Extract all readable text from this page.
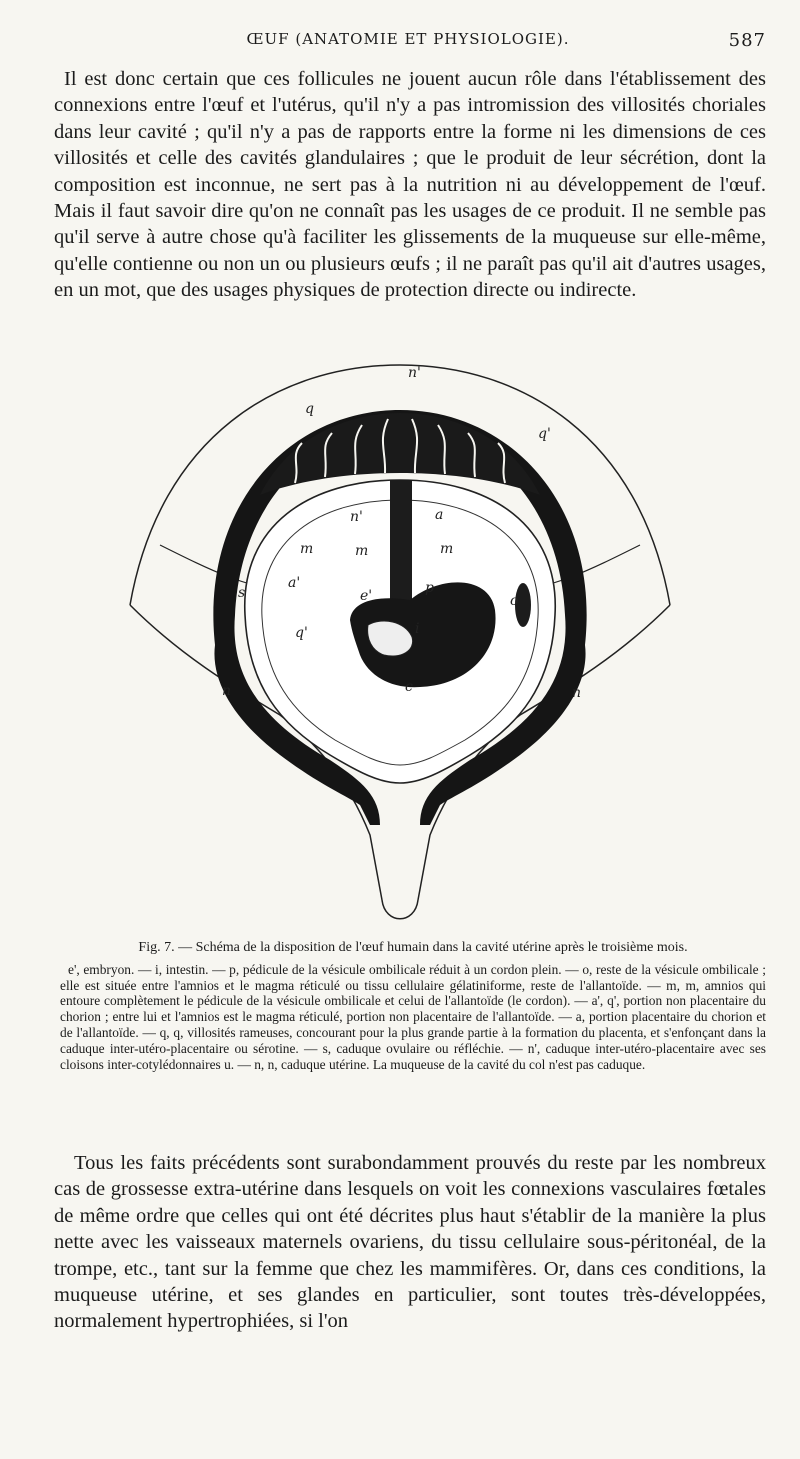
ŒUF (ANATOMIE ET PHYSIOLOGIE).	587
Il est donc certain que ces follicules ne jouent aucun rôle dans l'établissement des connexions entre l'œuf et l'utérus, qu'il n'y a pas intromission des villosités choriales dans leur cavité ; qu'il n'y a pas de rapports entre la forme ni les dimensions de ces villosités et celle des cavités glandulaires ; que le produit de leur sécrétion, dont la composition est inconnue, ne sert pas à la nutrition ni au développement de l'œuf. Mais il faut savoir dire qu'on ne connaît pas les usages de ce produit. Il ne semble pas qu'il serve à autre chose qu'à faciliter les glissements de la muqueuse sur elle-même, qu'elle contienne ou non un ou plusieurs œufs ; il ne paraît pas qu'il ait d'autres usages, en un mot, que des usages physiques de protection directe ou indirecte.
n'
q
q'
n'	a
m	m	m
a'
s	e'	p
i
o
q'
c
n	n
Fig. 7. — Schéma de la disposition de l'œuf humain dans la cavité utérine après le troisième mois.
e', embryon. — i, intestin. — p, pédicule de la vésicule ombilicale réduit à un cordon plein. — o, reste de la vésicule ombilicale ; elle est située entre l'amnios et le magma réticulé ou tissu cellulaire gélatiniforme, reste de l'allantoïde. — m, m, amnios qui entoure complètement le pédicule de la vésicule ombilicale et celui de l'allantoïde (le cordon). — a', q', portion non placentaire du chorion ; entre lui et l'amnios est le magma réticulé, portion non placentaire de l'allantoïde. — a, portion placentaire du chorion et de l'allantoïde. — q, q, villosités rameuses, concourant pour la plus grande partie à la formation du placenta, et s'enfonçant dans la caduque inter-utéro-placentaire ou sérotine. — s, caduque ovulaire ou réfléchie. — n', caduque inter-utéro-placentaire avec ses cloisons inter-cotylédonnaires u. — n, n, caduque utérine. La muqueuse de la cavité du col n'est pas caduque.
Tous les faits précédents sont surabondamment prouvés du reste par les nombreux cas de grossesse extra-utérine dans lesquels on voit les connexions vasculaires fœtales de même ordre que celles qui ont été décrites plus haut s'établir de la manière la plus nette avec les vaisseaux maternels ovariens, du tissu cellulaire sous-péritonéal, de la trompe, etc., tant sur la femme que chez les mammifères. Or, dans ces conditions, la muqueuse utérine, et ses glandes en particulier, sont toutes très-développées, normalement hypertrophiées, si l'on
